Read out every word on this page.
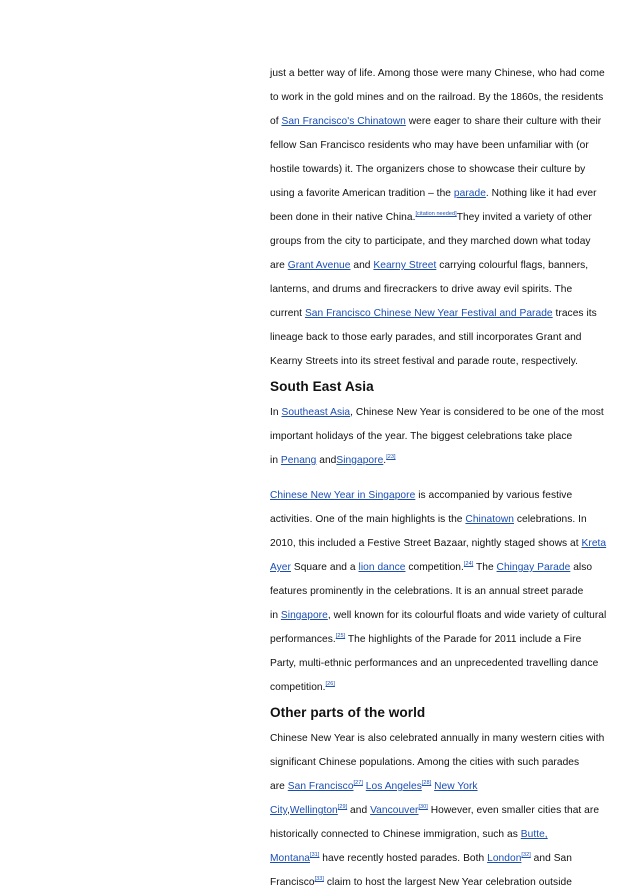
just a better way of life. Among those were many Chinese, who had come
to work in the gold mines and on the railroad. By the 1860s, the residents
of San Francisco's Chinatown were eager to share their culture with their
fellow San Francisco residents who may have been unfamiliar with (or
hostile towards) it. The organizers chose to showcase their culture by
using a favorite American tradition – the parade. Nothing like it had ever
been done in their native China.[citation needed]They invited a variety of other
groups from the city to participate, and they marched down what today
are Grant Avenue and Kearny Street carrying colourful flags, banners,
lanterns, and drums and firecrackers to drive away evil spirits. The
current San Francisco Chinese New Year Festival and Parade traces its
lineage back to those early parades, and still incorporates Grant and
Kearny Streets into its street festival and parade route, respectively.
South East Asia
In Southeast Asia, Chinese New Year is considered to be one of the most
important holidays of the year. The biggest celebrations take place
in Penang andSingapore.[23]
Chinese New Year in Singapore is accompanied by various festive
activities. One of the main highlights is the Chinatown celebrations. In
2010, this included a Festive Street Bazaar, nightly staged shows at Kreta
Ayer Square and a lion dance competition.[24] The Chingay Parade also
features prominently in the celebrations. It is an annual street parade
in Singapore, well known for its colourful floats and wide variety of cultural
performances.[25] The highlights of the Parade for 2011 include a Fire
Party, multi-ethnic performances and an unprecedented travelling dance
competition.[26]
Other parts of the world
Chinese New Year is also celebrated annually in many western cities with
significant Chinese populations. Among the cities with such parades
are San Francisco[27] Los Angeles[28] New York
City,Wellington[29] and Vancouver[30] However, even smaller cities that are
historically connected to Chinese immigration, such as Butte,
Montana[31] have recently hosted parades. Both London[32] and San
Francisco[33] claim to host the largest New Year celebration outside
